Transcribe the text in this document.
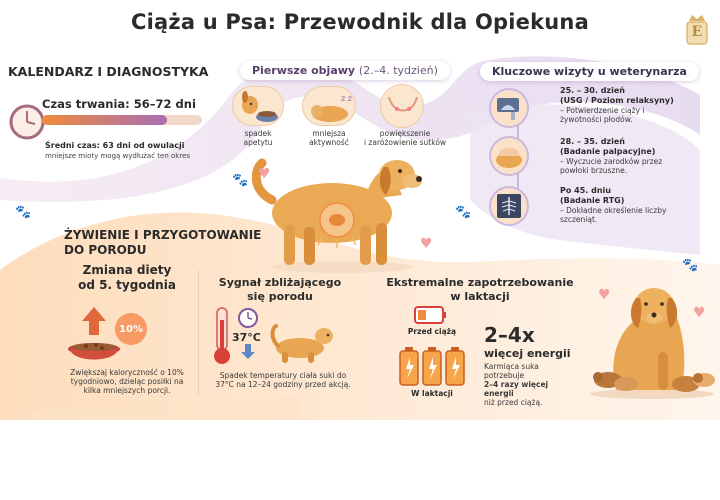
Ciąża u Psa: Przewodnik dla Opiekuna	E
KALENDARZ I DIAGNOSTYKA
Czas trwania: 56–72 dni
Średni czas: 63 dni od owulacji
mniejsze mioty mogą wydłużać ten okres
Pierwsze objawy (2.–4. tydzień)
spadek
apetytu
z z
mniejsza
aktywność
powiększenie
i zaróżowienie sutków
Kluczowe wizyty u weterynarza
25. – 30. dzień
(USG / Poziom relaksyny)
– Potwierdzenie ciąży i żywotności płodów.
28. – 35. dzień
(Badanie palpacyjne)
– Wyczucie zarodków przez powłoki brzuszne.
Po 45. dniu
(Badanie RTG)
– Dokładne określenie liczby szczeniąt.
🐾
🐾	🐾
🐾
♥
♥
♥
♥
ŻYWIENIE I PRZYGOTOWANIE
DO PORODU
Zmiana diety
od 5. tygodnia
10%
Zwiększaj kaloryczność o 10%
tygodniowo, dzieląc posiłki na
kilka mniejszych porcji.
Sygnał zbliżającego
się porodu
37°C
Spadek temperatury ciała suki do
37°C na 12–24 godziny przed akcją.
Ekstremalne zapotrzebowanie
w laktacji
Przed ciążą
W laktacji
2–4x
więcej energii
Karmiąca suka potrzebuje
2–4 razy więcej energii
niż przed ciążą.
